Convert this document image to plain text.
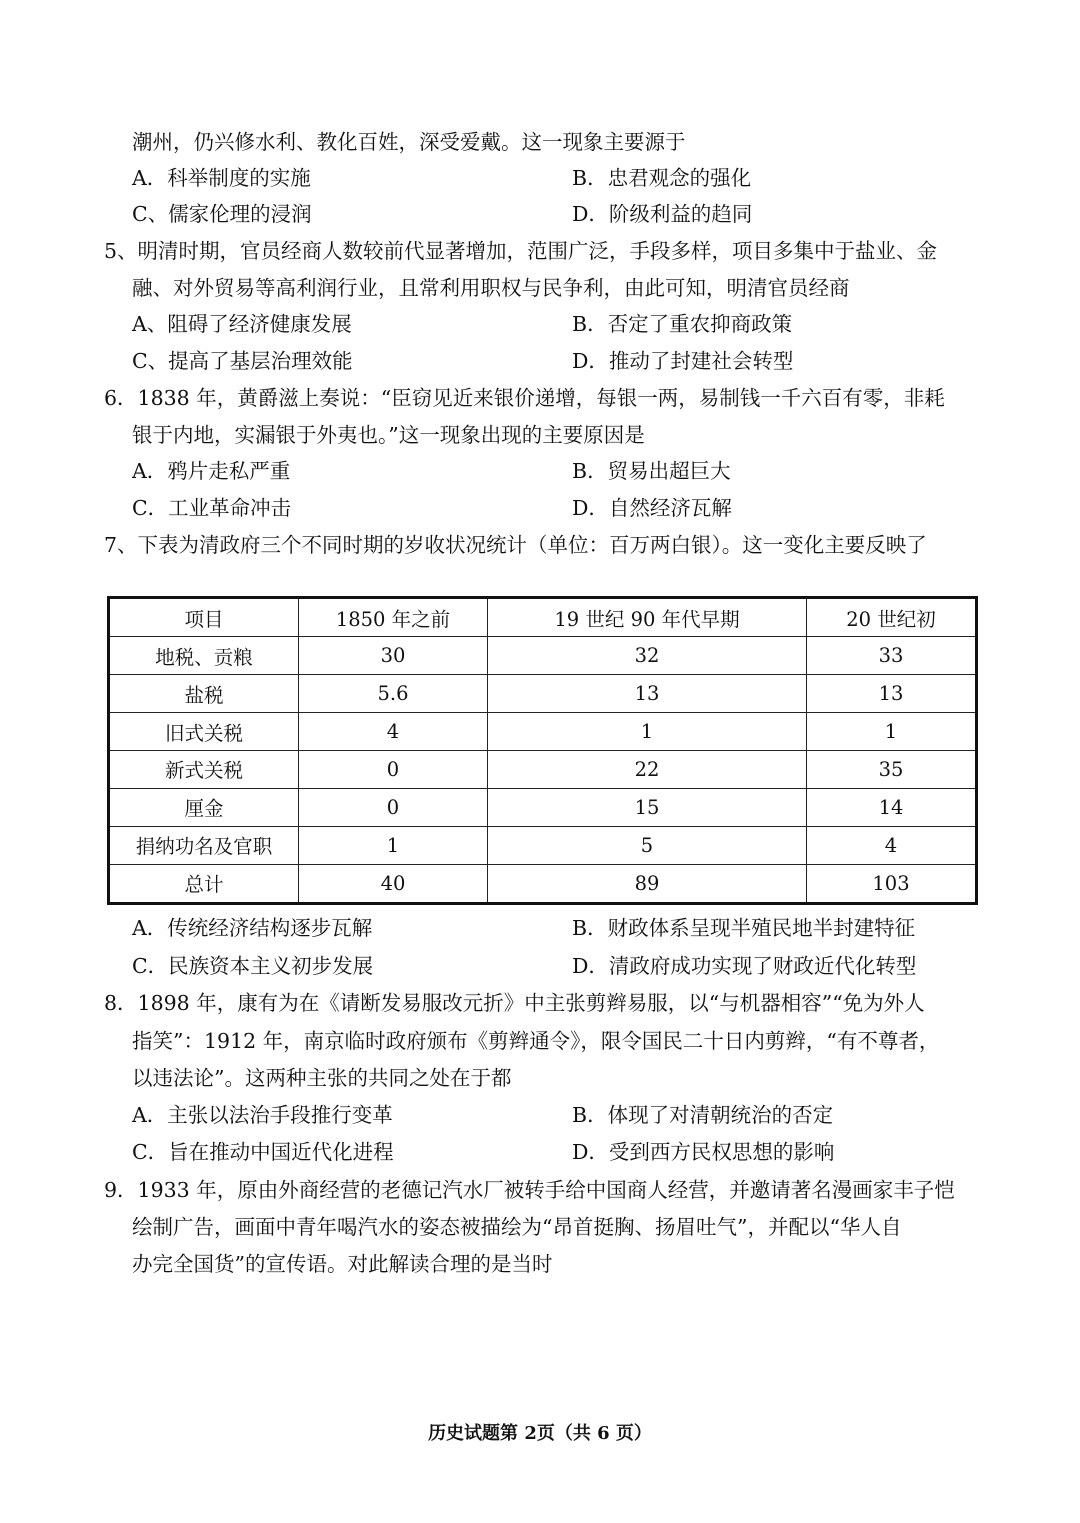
潮州，仍兴修水利、教化百姓，深受爱戴。这一现象主要源于
A．科举制度的实施	B．忠君观念的强化
C、儒家伦理的浸润	D．阶级利益的趋同
5、明清时期，官员经商人数较前代显著增加，范围广泛，手段多样，项目多集中于盐业、金
融、对外贸易等高利润行业，且常利用职权与民争利，由此可知，明清官员经商
A、阻碍了经济健康发展	B．否定了重农抑商政策
C、提高了基层治理效能	D．推动了封建社会转型
6．1838 年，黄爵滋上奏说：“臣窃见近来银价递增，每银一两，易制钱一千六百有零，非耗
银于内地，实漏银于外夷也。”这一现象出现的主要原因是
A．鸦片走私严重	B．贸易出超巨大
C．工业革命冲击	D．自然经济瓦解
7、下表为清政府三个不同时期的岁收状况统计（单位：百万两白银）。这一变化主要反映了
项目	1850 年之前	19 世纪 90 年代早期	20 世纪初
地税、贡粮	30	32	33
盐税	5.6	13	13
旧式关税	4	1	1
新式关税	0	22	35
厘金	0	15	14
捐纳功名及官职	1	5	4
总计	40	89	103
A．传统经济结构逐步瓦解	B．财政体系呈现半殖民地半封建特征
C．民族资本主义初步发展	D．清政府成功实现了财政近代化转型
8．1898 年，康有为在《请断发易服改元折》中主张剪辫易服，以“与机器相容”“免为外人
指笑”：1912 年，南京临时政府颁布《剪辫通令》，限令国民二十日内剪辫，“有不尊者，
以违法论”。这两种主张的共同之处在于都
A．主张以法治手段推行变革	B．体现了对清朝统治的否定
C．旨在推动中国近代化进程	D．受到西方民权思想的影响
9．1933 年，原由外商经营的老德记汽水厂被转手给中国商人经营，并邀请著名漫画家丰子恺
绘制广告，画面中青年喝汽水的姿态被描绘为“昂首挺胸、扬眉吐气”，并配以“华人自
办完全国货”的宣传语。对此解读合理的是当时
历史试题第 2页（共 6 页）
